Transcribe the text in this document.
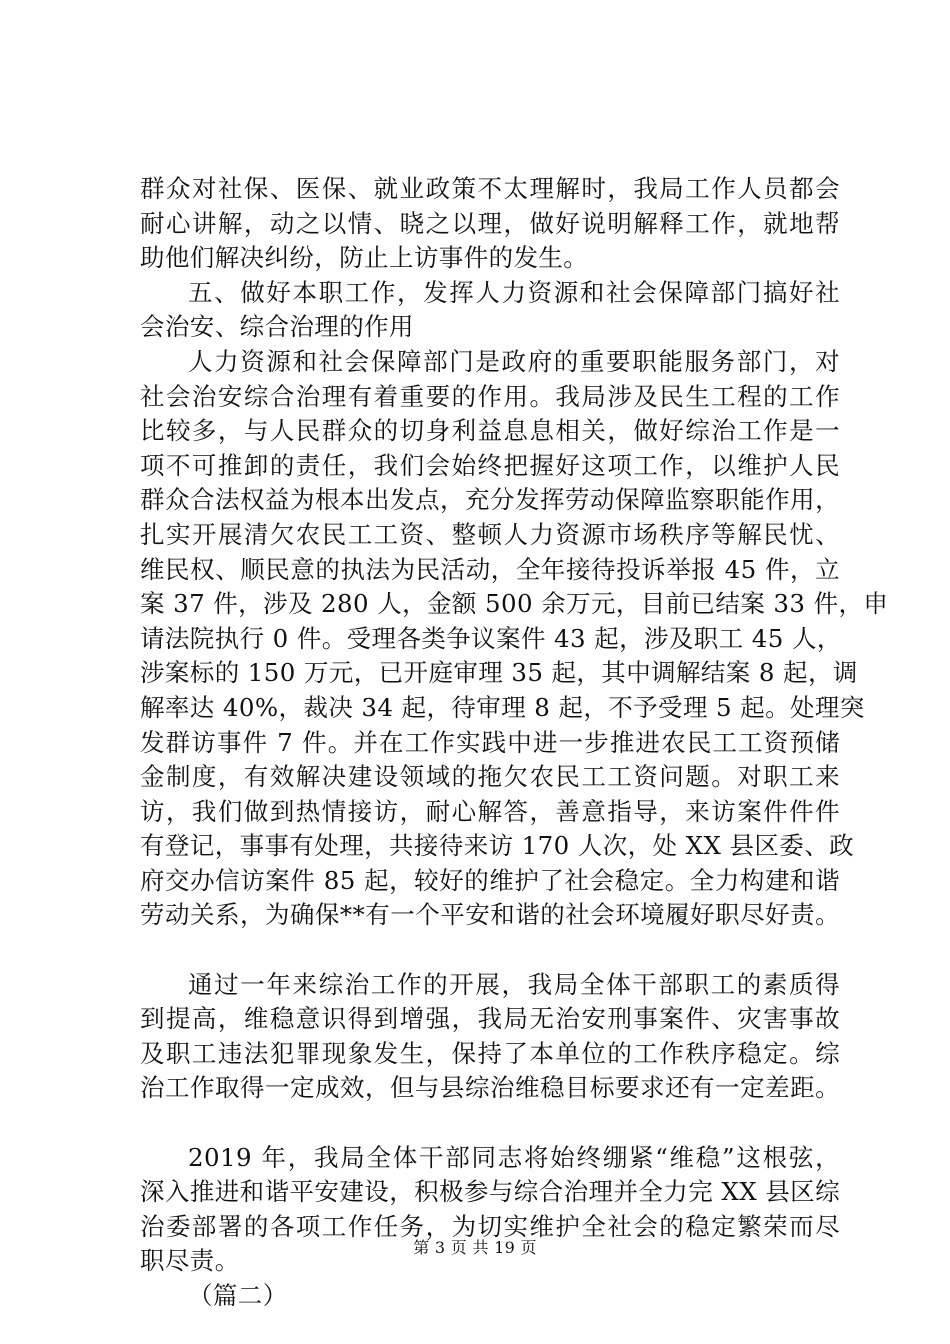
群众对社保、医保、就业政策不太理解时，我局工作人员都会
耐心讲解，动之以情、晓之以理，做好说明解释工作，就地帮
助他们解决纠纷，防止上访事件的发生。
五、做好本职工作，发挥人力资源和社会保障部门搞好社
会治安、综合治理的作用
人力资源和社会保障部门是政府的重要职能服务部门，对
社会治安综合治理有着重要的作用。我局涉及民生工程的工作
比较多，与人民群众的切身利益息息相关，做好综治工作是一
项不可推卸的责任，我们会始终把握好这项工作，以维护人民
群众合法权益为根本出发点，充分发挥劳动保障监察职能作用，
扎实开展清欠农民工工资、整顿人力资源市场秩序等解民忧、
维民权、顺民意的执法为民活动，全年接待投诉举报 45 件，立
案 37 件，涉及 280 人，金额 500 余万元，目前已结案 33 件，申
请法院执行 0 件。受理各类争议案件 43 起，涉及职工 45 人，
涉案标的 150 万元，已开庭审理 35 起，其中调解结案 8 起，调
解率达 40%，裁决 34 起，待审理 8 起，不予受理 5 起。处理突
发群访事件 7 件。并在工作实践中进一步推进农民工工资预储
金制度，有效解决建设领域的拖欠农民工工资问题。对职工来
访，我们做到热情接访，耐心解答，善意指导，来访案件件件
有登记，事事有处理，共接待来访 170 人次，处 XX 县区委、政
府交办信访案件 85 起，较好的维护了社会稳定。全力构建和谐
劳动关系，为确保**有一个平安和谐的社会环境履好职尽好责。
通过一年来综治工作的开展，我局全体干部职工的素质得
到提高，维稳意识得到增强，我局无治安刑事案件、灾害事故
及职工违法犯罪现象发生，保持了本单位的工作秩序稳定。综
治工作取得一定成效，但与县综治维稳目标要求还有一定差距。
2019 年，我局全体干部同志将始终绷紧“维稳”这根弦，
深入推进和谐平安建设，积极参与综合治理并全力完 XX 县区综
治委部署的各项工作任务，为切实维护全社会的稳定繁荣而尽
职尽责。
（篇二）
第 3 页 共 19 页
